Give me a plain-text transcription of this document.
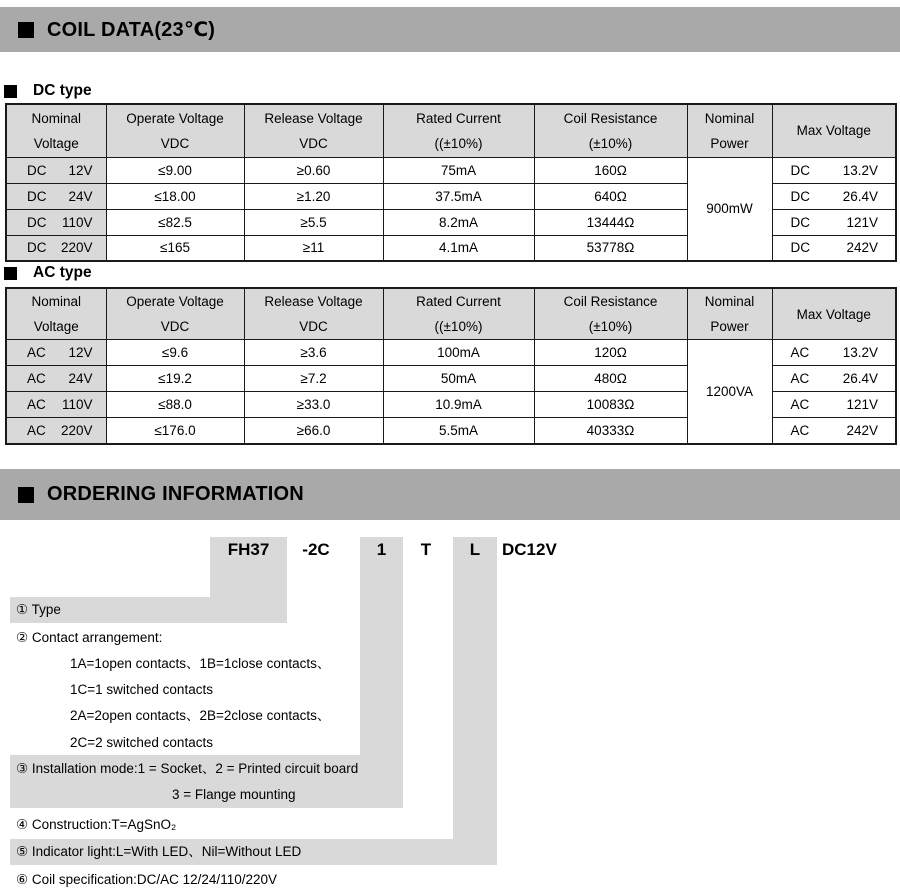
COIL DATA(23℃)
DC type
Nominal
Voltage

Operate Voltage
VDC

Release Voltage
VDC

Rated Current
((±10%)

Coil Resistance
(±10%)

Nominal
Power
	Max Voltage

DC 12V	≤9.00	≥0.60	75mA	160Ω	900mW	DC 13.2V

DC 24V	≤18.00	≥1.20	37.5mA	640Ω		DC 26.4V

DC 110V	≤82.5	≥5.5	8.2mA	13444Ω		DC 121V

DC 220V	≤165	≥11	4.1mA	53778Ω		DC 242V
AC type
Nominal
Voltage

Operate Voltage
VDC

Release Voltage
VDC

Rated Current
((±10%)

Coil Resistance
(±10%)

Nominal
Power
	Max Voltage

AC 12V	≤9.6	≥3.6	100mA	120Ω	1200VA	AC 13.2V

AC 24V	≤19.2	≥7.2	50mA	480Ω		AC 26.4V

AC 110V	≤88.0	≥33.0	10.9mA	10083Ω		AC 121V

AC 220V	≤176.0	≥66.0	5.5mA	40333Ω		AC 242V
ORDERING INFORMATION
FH37	-2C	1	T	L	DC12V
① Type
② Contact arrangement:
1A=1open contacts、1B=1close contacts、
1C=1 switched contacts
2A=2open contacts、2B=2close contacts、
2C=2 switched contacts
③ Installation mode:1 = Socket、2 = Printed circuit board
3 = Flange mounting
④ Construction:T=AgSnO₂
⑤ Indicator light:L=With LED、Nil=Without LED
⑥ Coil specification:DC/AC 12/24/110/220V
